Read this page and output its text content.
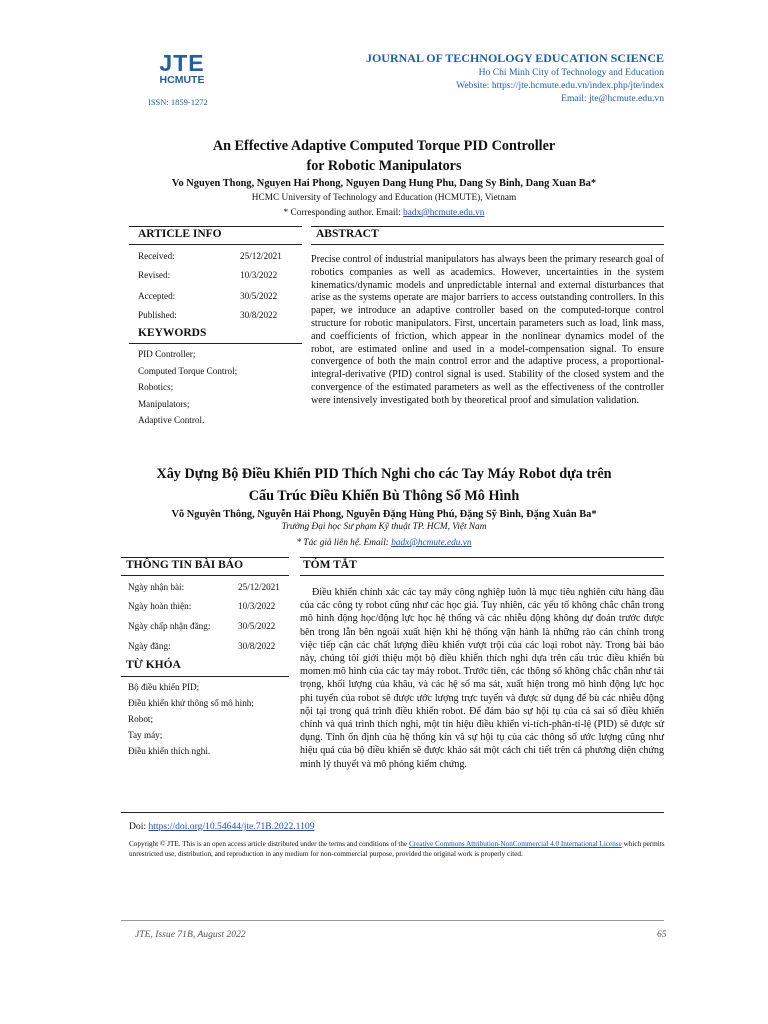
JTE
HCMUTE
ISSN: 1859-1272
JOURNAL OF TECHNOLOGY EDUCATION SCIENCE
Ho Chi Minh City of Technology and Education
Website: https://jte.hcmute.edu.vn/index.php/jte/index
Email: jte@hcmute.edu.vn
An Effective Adaptive Computed Torque PID Controller
for Robotic Manipulators
Vo Nguyen Thong, Nguyen Hai Phong, Nguyen Dang Hung Phu, Dang Sy Binh, Dang Xuan Ba*
HCMC University of Technology and Education (HCMUTE), Vietnam
* Corresponding author. Email: badx@hcmute.edu.vn
ARTICLE INFO	ABSTRACT
Received:	25/12/2021
Revised:	10/3/2022
Accepted:	30/5/2022
Published:	30/8/2022
KEYWORDS
PID Controller;
Computed Torque Control;
Robotics;
Manipulators;
Adaptive Control.
Precise control of industrial manipulators has always been the primary research goal of robotics companies as well as academics. However, uncertainties in the system kinematics/dynamic models and unpredictable internal and external disturbances that arise as the systems operate are major barriers to access outstanding controllers. In this paper, we introduce an adaptive controller based on the computed-torque control structure for robotic manipulators. First, uncertain parameters such as load, link mass, and coefficients of friction, which appear in the nonlinear dynamics model of the robot, are estimated online and used in a model-compensation signal. To ensure convergence of both the main control error and the adaptive process, a proportional-integral-derivative (PID) control signal is used. Stability of the closed system and the convergence of the estimated parameters as well as the effectiveness of the controller were intensively investigated both by theoretical proof and simulation validation.
Xây Dựng Bộ Điều Khiển PID Thích Nghi cho các Tay Máy Robot dựa trên
Cấu Trúc Điều Khiển Bù Thông Số Mô Hình
Võ Nguyên Thông, Nguyễn Hải Phong, Nguyễn Đặng Hùng Phú, Đặng Sỹ Bình, Đặng Xuân Ba*
Trường Đại học Sư phạm Kỹ thuật TP. HCM, Việt Nam
* Tác giả liên hệ. Email: badx@hcmute.edu.vn
THÔNG TIN BÀI BÁO	TÓM TẮT
Ngày nhận bài:	25/12/2021
Ngày hoàn thiện:	10/3/2022
Ngày chấp nhận đăng:	30/5/2022
Ngày đăng:	30/8/2022
TỪ KHÓA
Bộ điều khiển PID;
Điều khiển khử thông số mô hình;
Robot;
Tay máy;
Điều khiển thích nghi.
Điều khiển chính xác các tay máy công nghiệp luôn là mục tiêu nghiên cứu hàng đầu của các công ty robot cũng như các học giả. Tuy nhiên, các yếu tố không chắc chắn trong mô hình động học/động lực học hệ thống và các nhiễu động không dự đoán trước được bên trong lẫn bên ngoài xuất hiện khi hệ thống vận hành là những rào cản chính trong việc tiếp cận các chất lượng điều khiển vượt trội của các loại robot này. Trong bài báo này, chúng tôi giới thiệu một bộ điều khiển thích nghi dựa trên cấu trúc điều khiển bù momen mô hình của các tay máy robot. Trước tiên, các thông số không chắc chắn như tải trọng, khối lượng của khâu, và các hệ số ma sát, xuất hiện trong mô hình động lực học phi tuyến của robot sẽ được ước lượng trực tuyến và được sử dụng để bù các nhiễu động nội tại trong quá trình điều khiển robot. Để đảm bảo sự hội tụ của cả sai số điều khiển chính và quá trình thích nghi, một tín hiệu điều khiển vi-tích-phân-tỉ-lệ (PID) sẽ được sử dụng. Tính ổn định của hệ thống kín và sự hội tụ của các thông số ước lượng cũng như hiệu quả của bộ điều khiển sẽ được khảo sát một cách chi tiết trên cả phương diện chứng minh lý thuyết và mô phỏng kiểm chứng.
Doi: https://doi.org/10.54644/jte.71B.2022.1109
Copyright © JTE. This is an open access article distributed under the terms and conditions of the Creative Commons Attribution-NonCommercial 4.0 International License which permits unrestricted use, distribution, and reproduction in any medium for non-commercial purpose, provided the original work is properly cited.
JTE, Issue 71B, August 2022	65
